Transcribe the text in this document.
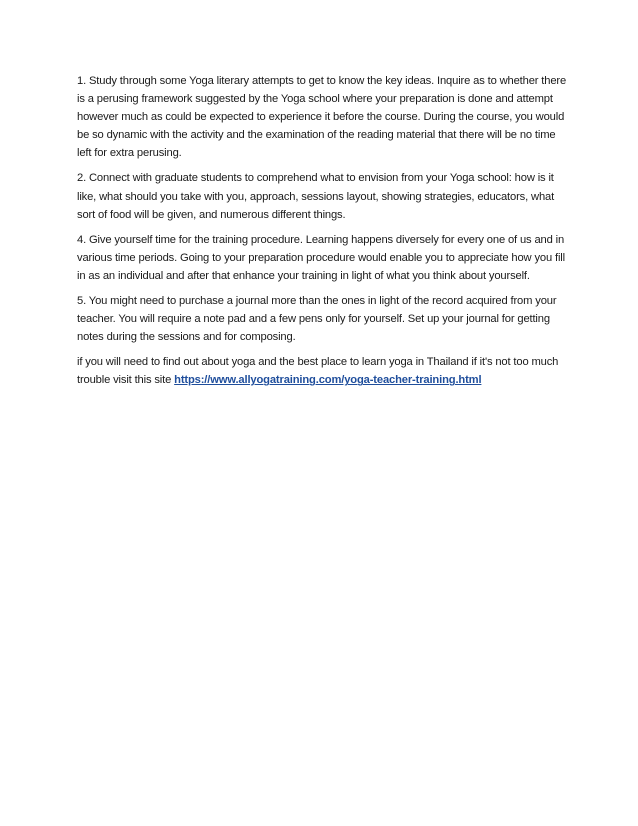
1. Study through some Yoga literary attempts to get to know the key ideas. Inquire as to whether there is a perusing framework suggested by the Yoga school where your preparation is done and attempt however much as could be expected to experience it before the course. During the course, you would be so dynamic with the activity and the examination of the reading material that there will be no time left for extra perusing.

2. Connect with graduate students to comprehend what to envision from your Yoga school: how is it like, what should you take with you, approach, sessions layout, showing strategies, educators, what sort of food will be given, and numerous different things.

4. Give yourself time for the training procedure. Learning happens diversely for every one of us and in various time periods. Going to your preparation procedure would enable you to appreciate how you fill in as an individual and after that enhance your training in light of what you think about yourself.

5. You might need to purchase a journal more than the ones in light of the record acquired from your teacher. You will require a note pad and a few pens only for yourself. Set up your journal for getting notes during the sessions and for composing.

if you will need to find out about yoga and the best place to learn yoga in Thailand if it's not too much trouble visit this site https://www.allyogatraining.com/yoga-teacher-training.html
